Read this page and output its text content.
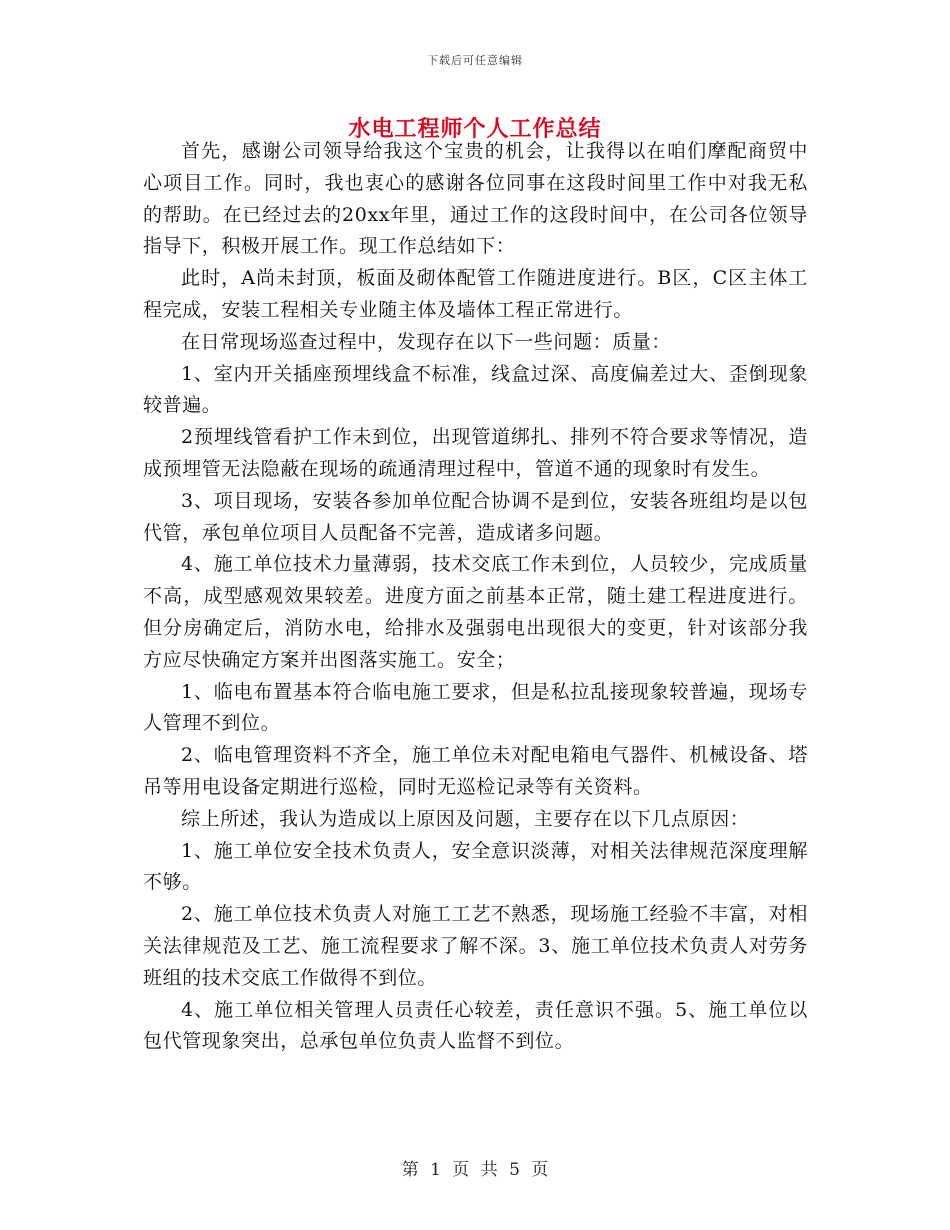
下载后可任意编辑
水电工程师个人工作总结

首先，感谢公司领导给我这个宝贵的机会，让我得以在咱们摩配商贸中心项目工作。同时，我也衷心的感谢各位同事在这段时间里工作中对我无私的帮助。在已经过去的20xx年里，通过工作的这段时间中，在公司各位领导指导下，积极开展工作。现工作总结如下：

此时，A尚未封顶，板面及砌体配管工作随进度进行。B区，C区主体工程完成，安装工程相关专业随主体及墙体工程正常进行。

在日常现场巡查过程中，发现存在以下一些问题：质量：

1、室内开关插座预埋线盒不标准，线盒过深、高度偏差过大、歪倒现象较普遍。

2预埋线管看护工作未到位，出现管道绑扎、排列不符合要求等情况，造成预埋管无法隐蔽在现场的疏通清理过程中，管道不通的现象时有发生。

3、项目现场，安装各参加单位配合协调不是到位，安装各班组均是以包代管，承包单位项目人员配备不完善，造成诸多问题。

4、施工单位技术力量薄弱，技术交底工作未到位，人员较少，完成质量不高，成型感观效果较差。进度方面之前基本正常，随土建工程进度进行。但分房确定后，消防水电，给排水及强弱电出现很大的变更，针对该部分我方应尽快确定方案并出图落实施工。安全；

1、临电布置基本符合临电施工要求，但是私拉乱接现象较普遍，现场专人管理不到位。

2、临电管理资料不齐全，施工单位未对配电箱电气器件、机械设备、塔吊等用电设备定期进行巡检，同时无巡检记录等有关资料。

综上所述，我认为造成以上原因及问题，主要存在以下几点原因：

1、施工单位安全技术负责人，安全意识淡薄，对相关法律规范深度理解不够。

2、施工单位技术负责人对施工工艺不熟悉，现场施工经验不丰富，对相关法律规范及工艺、施工流程要求了解不深。3、施工单位技术负责人对劳务班组的技术交底工作做得不到位。

4、施工单位相关管理人员责任心较差，责任意识不强。5、施工单位以包代管现象突出，总承包单位负责人监督不到位。

第 1 页 共 5 页
